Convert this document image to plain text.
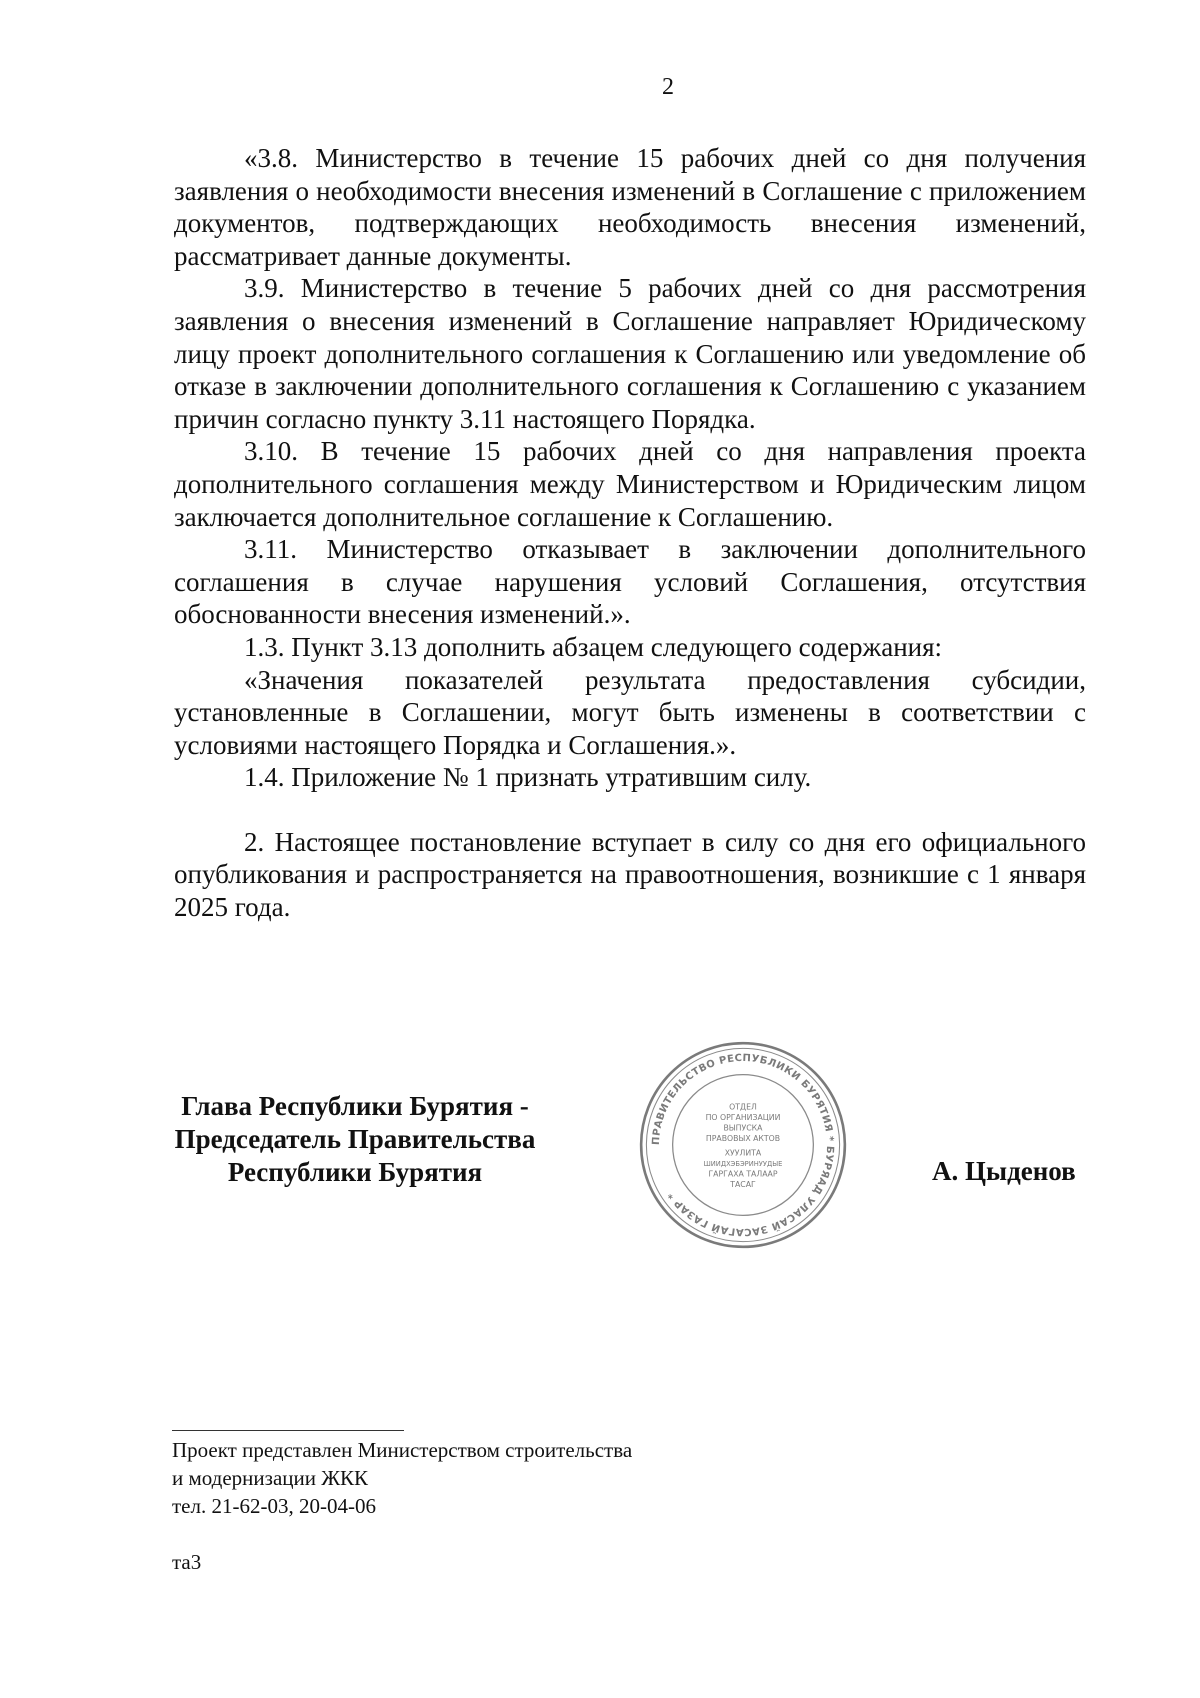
2

«3.8. Министерство в течение 15 рабочих дней со дня получения заявления о необходимости внесения изменений в Соглашение с приложением документов, подтверждающих необходимость внесения изменений, рассматривает данные документы.

3.9. Министерство в течение 5 рабочих дней со дня рассмотрения заявления о внесения изменений в Соглашение направляет Юридическому лицу проект дополнительного соглашения к Соглашению или уведомление об отказе в заключении дополнительного соглашения к Соглашению с указанием причин согласно пункту 3.11 настоящего Порядка.

3.10. В течение 15 рабочих дней со дня направления проекта дополнительного соглашения между Министерством и Юридическим лицом заключается дополнительное соглашение к Соглашению.

3.11. Министерство отказывает в заключении дополнительного соглашения в случае нарушения условий Соглашения, отсутствия обоснованности внесения изменений.».

1.3. Пункт 3.13 дополнить абзацем следующего содержания:

«Значения показателей результата предоставления субсидии, установленные в Соглашении, могут быть изменены в соответствии с условиями настоящего Порядка и Соглашения.».

1.4. Приложение № 1 признать утратившим силу.

2. Настоящее постановление вступает в силу со дня его официального опубликования и распространяется на правоотношения, возникшие с 1 января 2025 года.

Глава Республики Бурятия -
Председатель Правительства
Республики Бурятия
ПРАВИТЕЛЬСТВО РЕСПУБЛИКИ БУРЯТИЯ * БУРЯАД УЛАСАЙ ЗАСАГАЙ ГАЗАР *
ОТДЕЛ
ПО ОРГАНИЗАЦИИ
ВЫПУСКА
ПРАВОВЫХ АКТОВ
ХУУЛИТА
ШИИДХЭБЭРИНУУДЫЕ
ГАРГАХА ТАЛААР
ТАСАГ	А. Цыденов
Проект представлен Министерством строительства
и модернизации ЖКК
тел. 21-62-03, 20-04-06
та3
